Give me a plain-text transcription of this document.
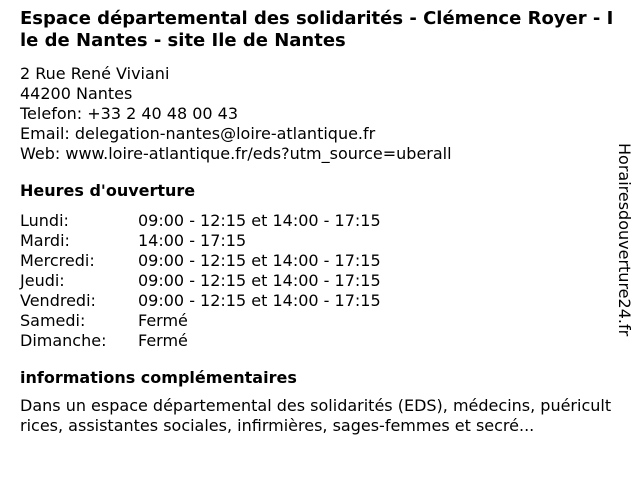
Espace départemental des solidarités - Clémence Royer - Ile de Nantes - site Ile de Nantes
2 Rue René Viviani
44200 Nantes
Telefon: +33 2 40 48 00 43
Email: delegation-nantes@loire-atlantique.fr
Web: www.loire-atlantique.fr/eds?utm_source=uberall
Heures d'ouverture
Lundi:	09:00 - 12:15 et 14:00 - 17:15
Mardi:	14:00 - 17:15
Mercredi:	09:00 - 12:15 et 14:00 - 17:15
Jeudi:	09:00 - 12:15 et 14:00 - 17:15
Vendredi:	09:00 - 12:15 et 14:00 - 17:15
Samedi:	Fermé
Dimanche:	Fermé
informations complémentaires
Dans un espace départemental des solidarités (EDS), médecins, puéricultrices, assistantes sociales, infirmières, sages-femmes et secré...
Horairesdouverture24.fr
